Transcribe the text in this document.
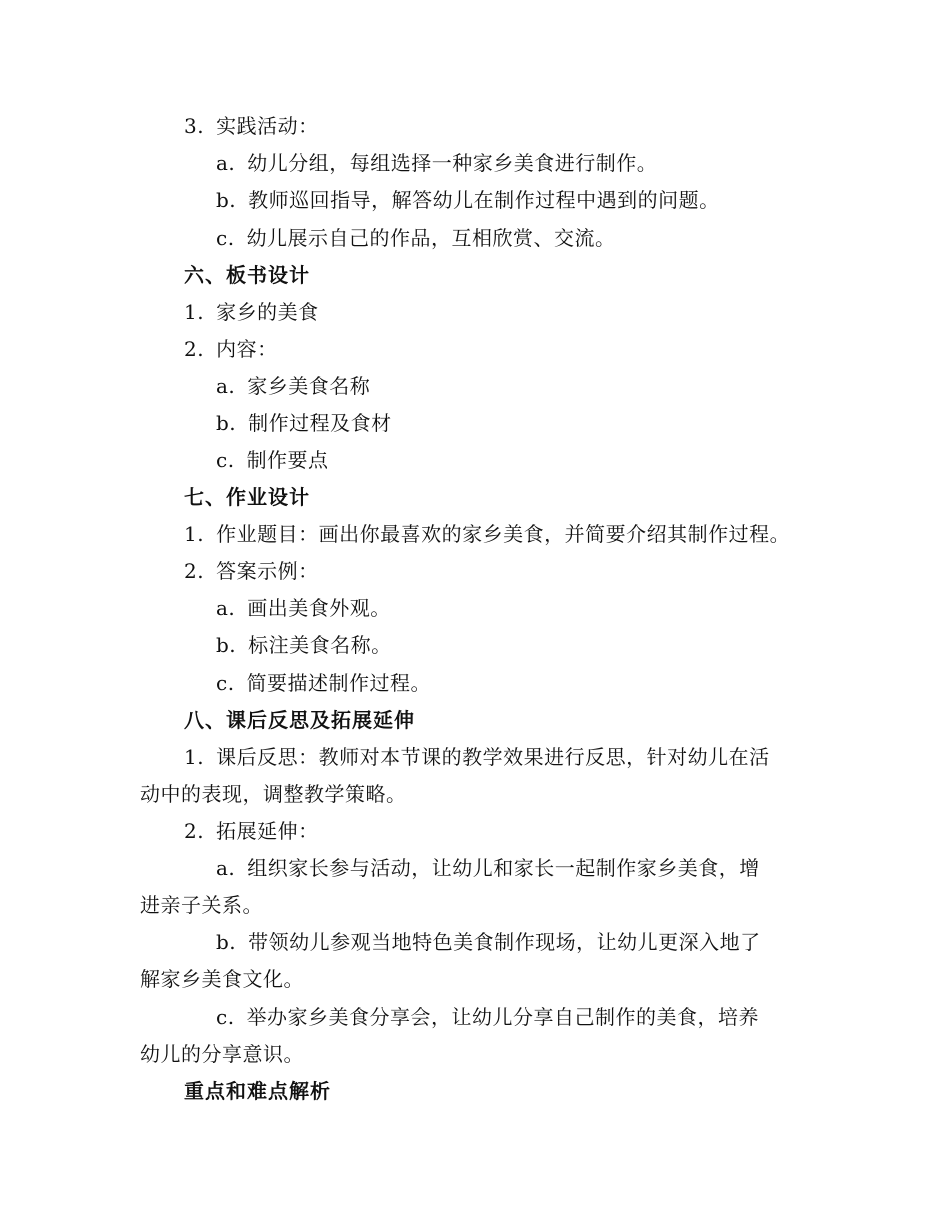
3. 实践活动：
a. 幼儿分组，每组选择一种家乡美食进行制作。
b. 教师巡回指导，解答幼儿在制作过程中遇到的问题。
c. 幼儿展示自己的作品，互相欣赏、交流。
六、板书设计
1. 家乡的美食
2. 内容：
a. 家乡美食名称
b. 制作过程及食材
c. 制作要点
七、作业设计
1. 作业题目：画出你最喜欢的家乡美食，并简要介绍其制作过程。
2. 答案示例：
a. 画出美食外观。
b. 标注美食名称。
c. 简要描述制作过程。
八、课后反思及拓展延伸
1. 课后反思：教师对本节课的教学效果进行反思，针对幼儿在活
动中的表现，调整教学策略。
2. 拓展延伸：
a. 组织家长参与活动，让幼儿和家长一起制作家乡美食，增
进亲子关系。
b. 带领幼儿参观当地特色美食制作现场，让幼儿更深入地了
解家乡美食文化。
c. 举办家乡美食分享会，让幼儿分享自己制作的美食，培养
幼儿的分享意识。
重点和难点解析
